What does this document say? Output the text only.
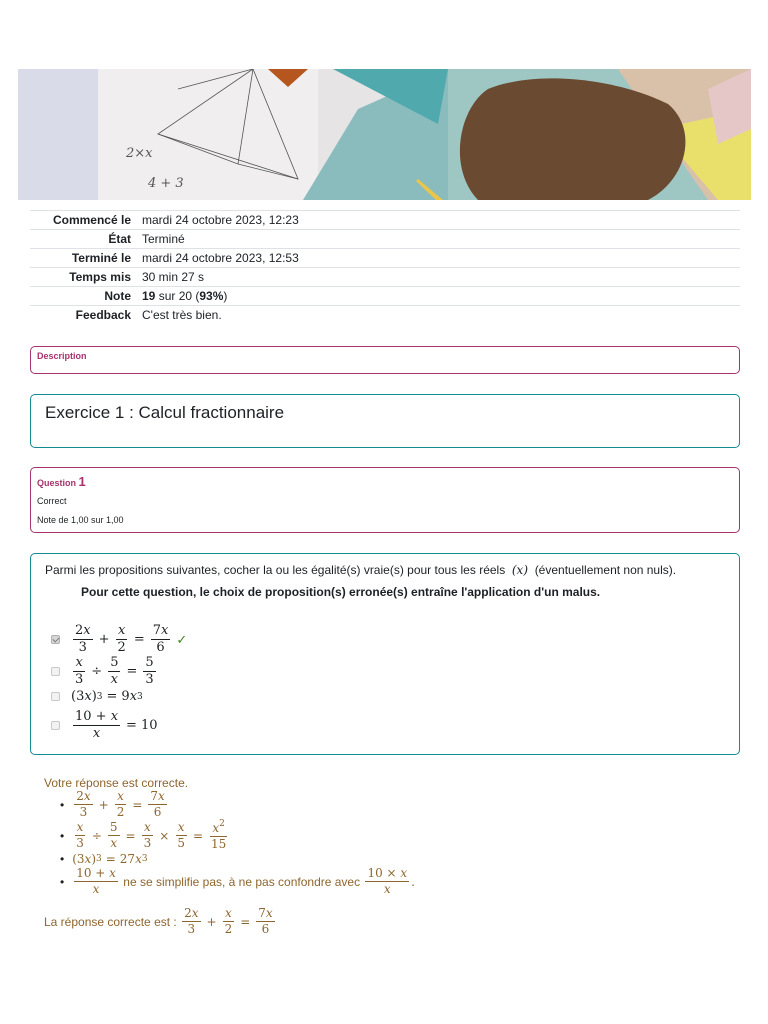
2×x
4 + 3
Commencé le	mardi 24 octobre 2023, 12:23
État	Terminé
Terminé le	mardi 24 octobre 2023, 12:53
Temps mis	30 min 27 s
Note	19 sur 20 (93%)
Feedback	C'est très bien.
Description
Exercice 1 : Calcul fractionnaire
Question 1
Correct
Note de 1,00 sur 1,00
Parmi les propositions suivantes, cocher la ou les égalité(s) vraie(s) pour tous les réels (x) (éventuellement non nuls).
Pour cette question, le choix de proposition(s) erronée(s) entraîne l'application d'un malus.
$\frac{2x}{3} + \frac{x}{2} = \frac{7x}{6}$ ✓
$\frac{x}{3} \div \frac{5}{x} = \frac{5}{3}$
(3 x ) 3 = 9 x 3
$\frac{10 + x}{x} = 10$
Votre réponse est correcte.
• $\frac{2x}{3} + \frac{x}{2} = \frac{7x}{6}$
• $\frac{x}{3} \div \frac{5}{x} = \frac{x}{3} \times \frac{x}{5} = \frac{x^2}{15}$
• (3 x ) 3 = 27 x 3
• $\frac{10 + x}{x}$
ne se simplifie pas, à ne pas confondre avec
$\frac{10 \times x}{x}$ .
La réponse correcte est :
$\frac{2x}{3} + \frac{x}{2} = \frac{7x}{6}$
